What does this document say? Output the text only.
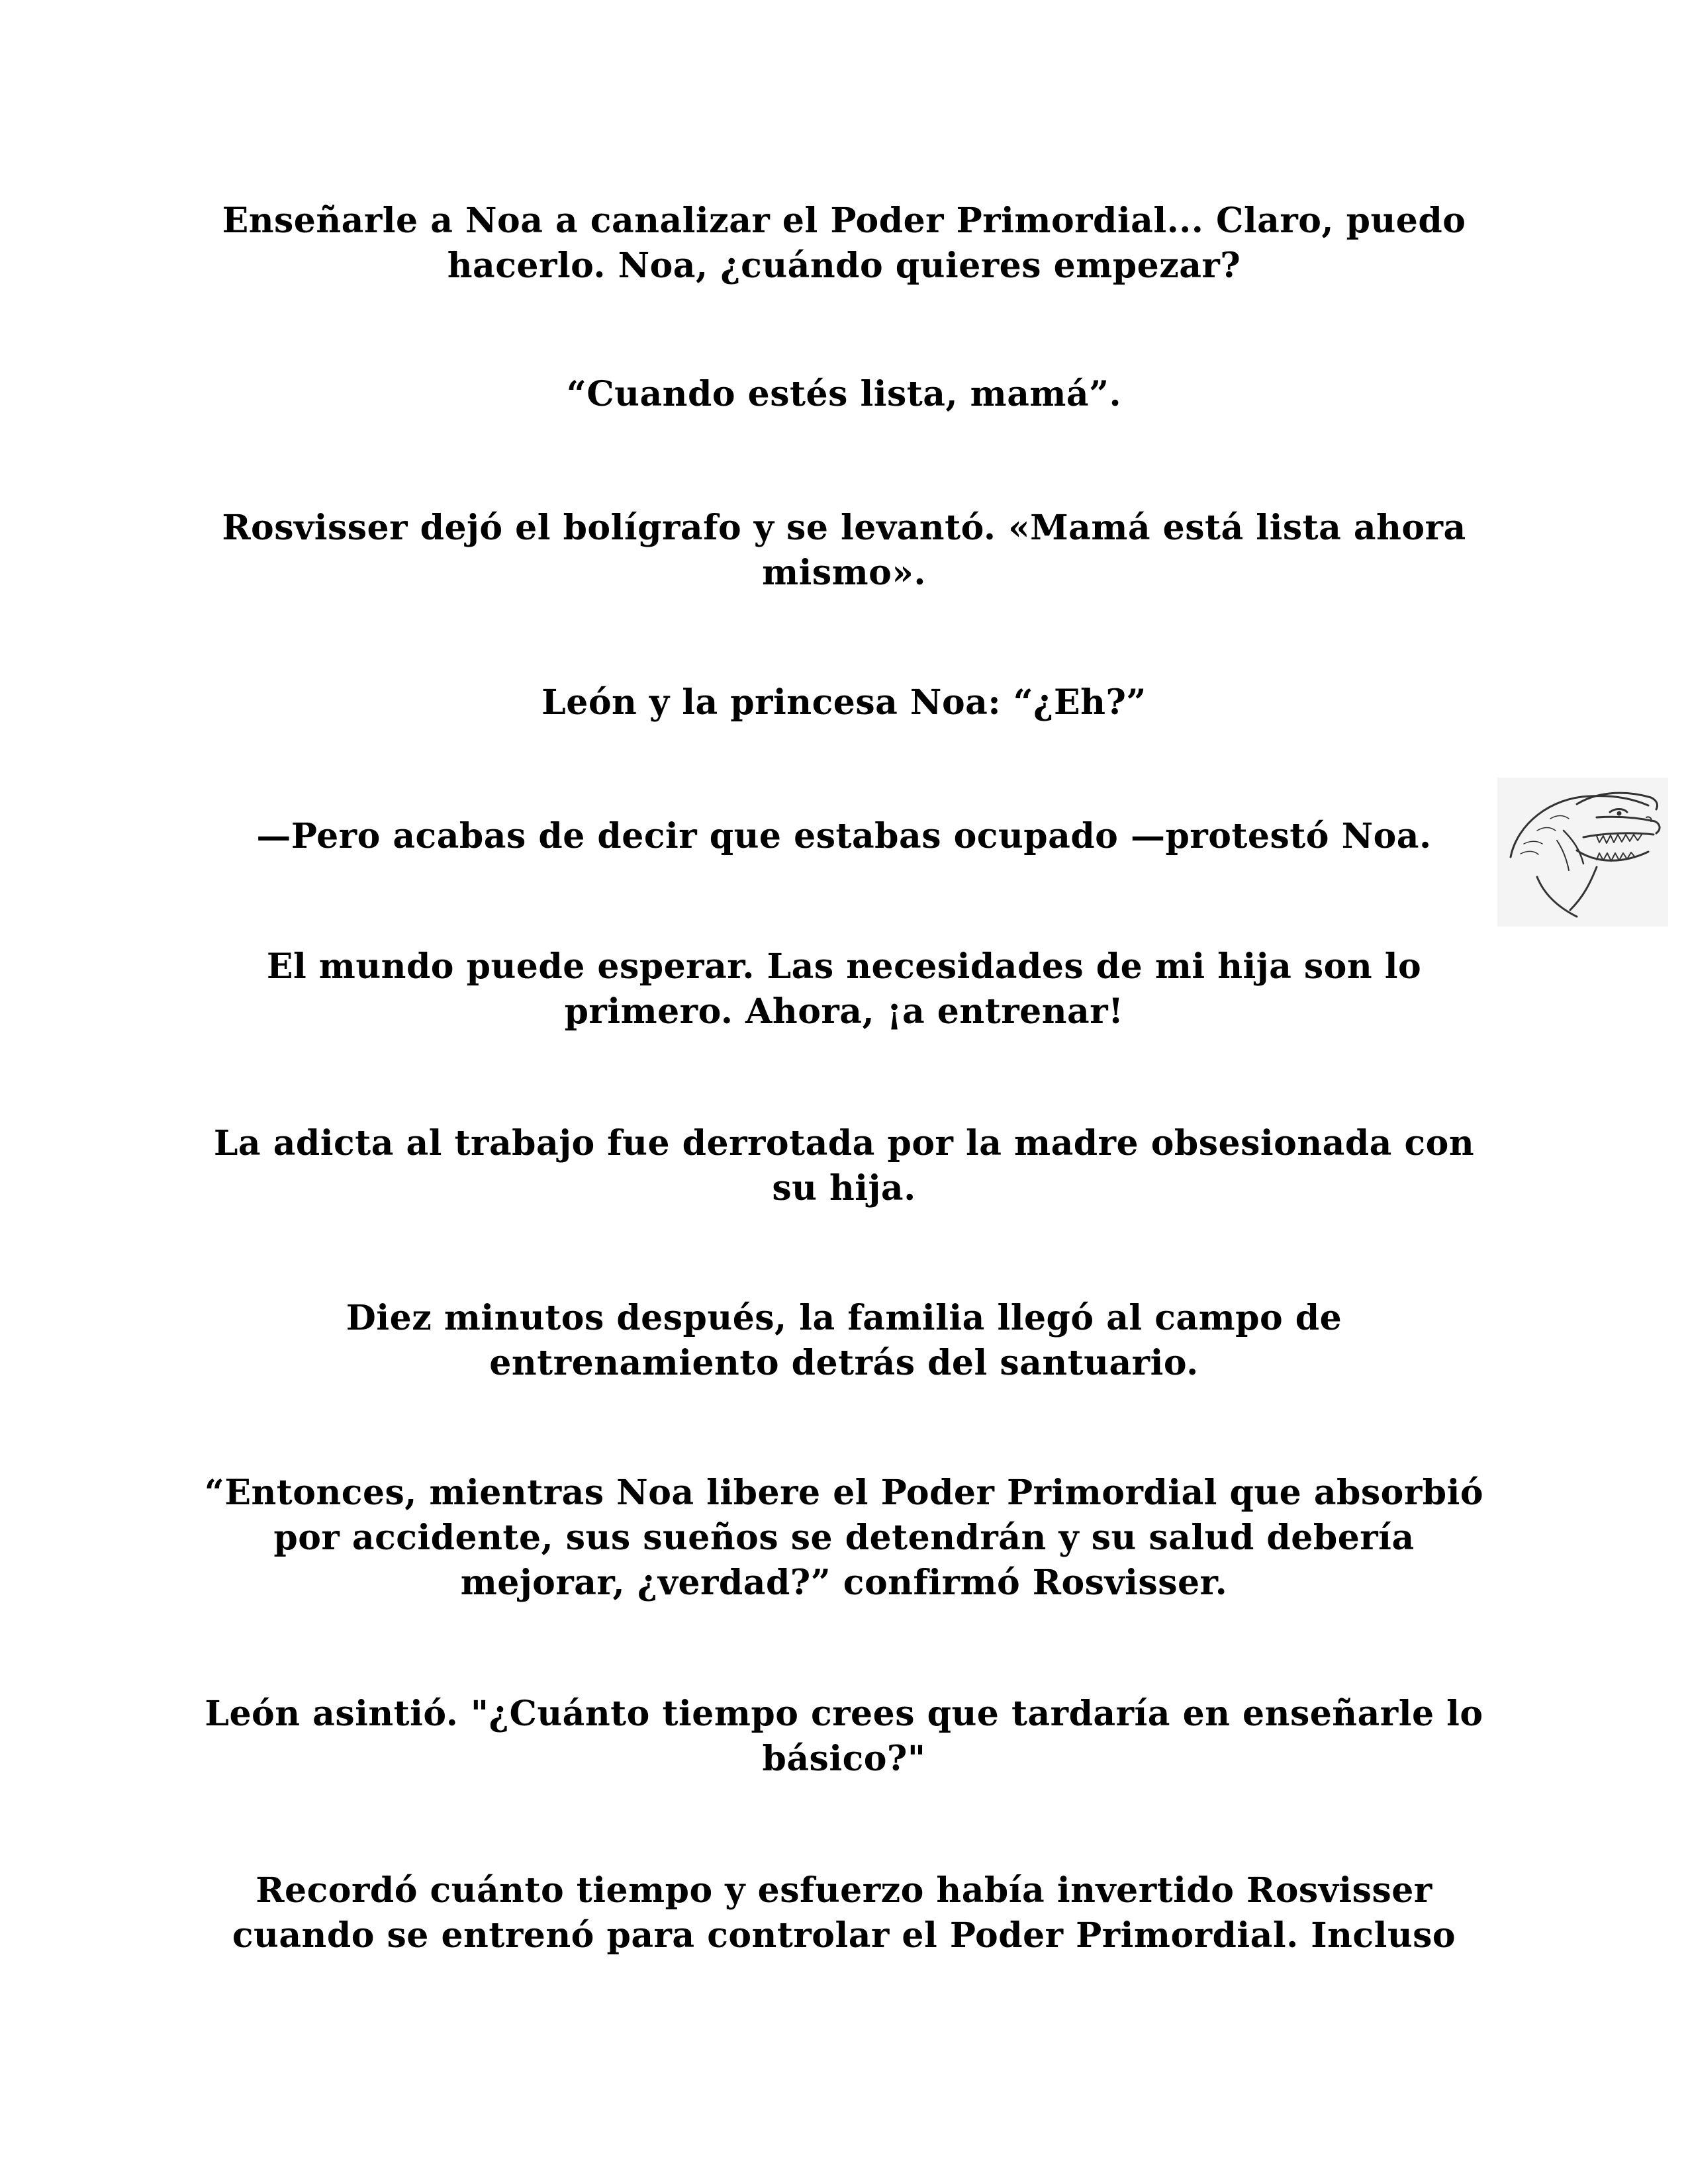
Enseñarle a Noa a canalizar el Poder Primordial... Claro, puedo hacerlo. Noa, ¿cuándo quieres empezar?

“Cuando estés lista, mamá”.

Rosvisser dejó el bolígrafo y se levantó. «Mamá está lista ahora mismo».

León y la princesa Noa: “¿Eh?”

—Pero acabas de decir que estabas ocupado —protestó Noa.

El mundo puede esperar. Las necesidades de mi hija son lo primero. Ahora, ¡a entrenar!

La adicta al trabajo fue derrotada por la madre obsesionada con su hija.

Diez minutos después, la familia llegó al campo de entrenamiento detrás del santuario.

“Entonces, mientras Noa libere el Poder Primordial que absorbió por accidente, sus sueños se detendrán y su salud debería mejorar, ¿verdad?” confirmó Rosvisser.

León asintió. "¿Cuánto tiempo crees que tardaría en enseñarle lo básico?"

Recordó cuánto tiempo y esfuerzo había invertido Rosvisser cuando se entrenó para controlar el Poder Primordial. Incluso
